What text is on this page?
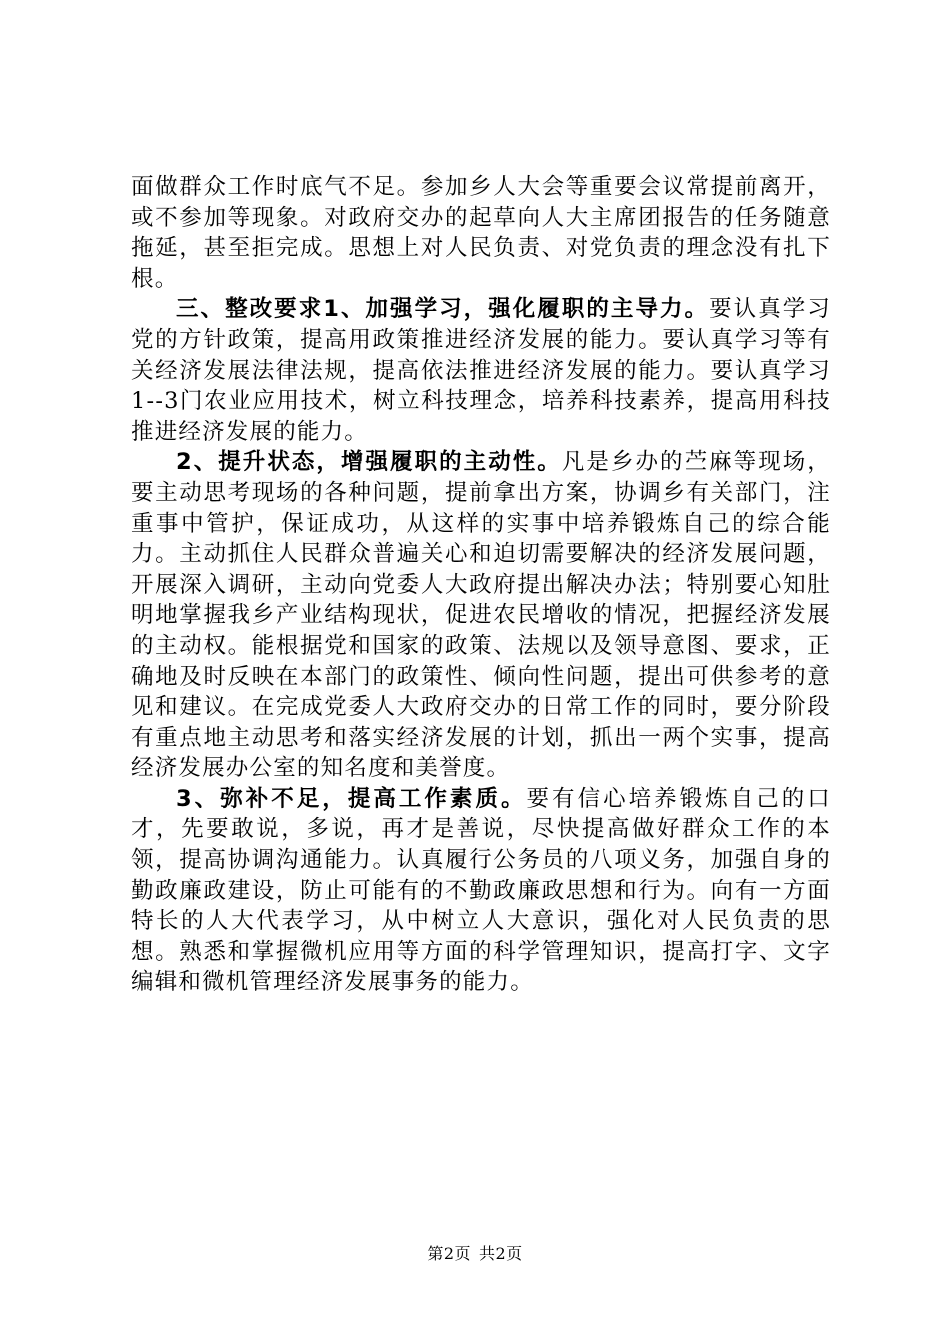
面做群众工作时底气不足。参加乡人大会等重要会议常提前离开，或不参加等现象。对政府交办的起草向人大主席团报告的任务随意拖延，甚至拒完成。思想上对人民负责、对党负责的理念没有扎下根。

三、整改要求1、加强学习，强化履职的主导力。要认真学习党的方针政策，提高用政策推进经济发展的能力。要认真学习等有关经济发展法律法规，提高依法推进经济发展的能力。要认真学习1--3门农业应用技术，树立科技理念，培养科技素养，提高用科技推进经济发展的能力。

2、提升状态，增强履职的主动性。凡是乡办的苎麻等现场，要主动思考现场的各种问题，提前拿出方案，协调乡有关部门，注重事中管护，保证成功，从这样的实事中培养锻炼自己的综合能力。主动抓住人民群众普遍关心和迫切需要解决的经济发展问题，开展深入调研，主动向党委人大政府提出解决办法；特别要心知肚明地掌握我乡产业结构现状，促进农民增收的情况，把握经济发展的主动权。能根据党和国家的政策、法规以及领导意图、要求，正确地及时反映在本部门的政策性、倾向性问题，提出可供参考的意见和建议。在完成党委人大政府交办的日常工作的同时，要分阶段有重点地主动思考和落实经济发展的计划，抓出一两个实事，提高经济发展办公室的知名度和美誉度。

3、弥补不足，提高工作素质。要有信心培养锻炼自己的口才，先要敢说，多说，再才是善说，尽快提高做好群众工作的本领，提高协调沟通能力。认真履行公务员的八项义务，加强自身的勤政廉政建设，防止可能有的不勤政廉政思想和行为。向有一方面特长的人大代表学习，从中树立人大意识，强化对人民负责的思想。熟悉和掌握微机应用等方面的科学管理知识，提高打字、文字编辑和微机管理经济发展事务的能力。

第2页 共2页
